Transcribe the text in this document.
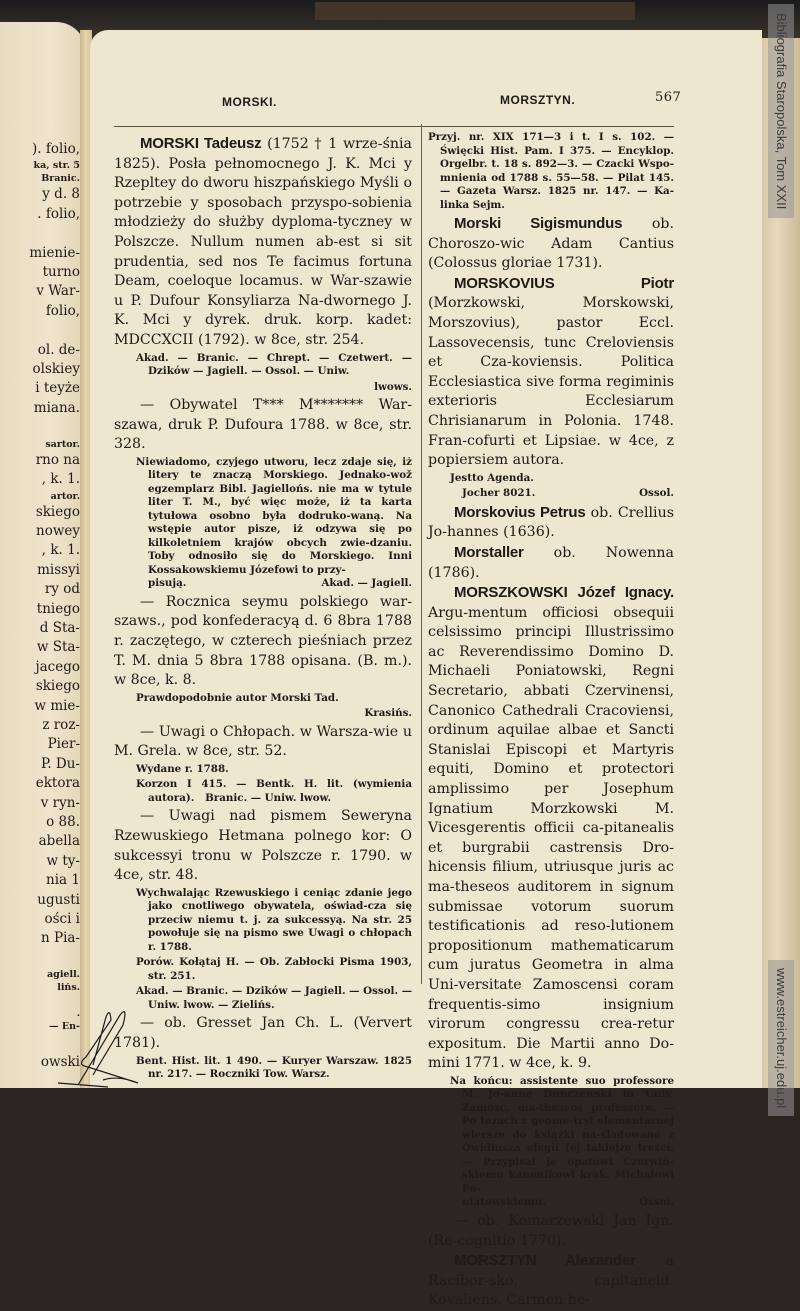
). folio,
ka, str. 5
Branic.
y d. 8
. folio,

mienie-
turno
v War-
folio,

ol. de-
olskiey
i teyże
miana.

sartor.
rno na
, k. 1.
artor.
skiego
nowey
, k. 1.
missyi
ry od
tniego
d Sta-
w Sta-
jacego
skiego
w mie-
z roz-
Pier-
P. Du-
ektora
v ryn-
o 88.
abella
w ty-
nia 1
ugusti
ości i
n Pia-

agiell.
lińs.

.
— En-

owski
Bibliografia Staropolska, Tom XXII
www.estreicher.uj.edu.pl
MORSKI.	MORSZTYN.	567

MORSKI Tadeusz (1752 † 1 wrze-śnia 1825). Posła pełnomocnego J. K. Mci y Rzepltey do dworu hiszpańskiego Myśli o potrzebie y sposobach przyspo-sobienia młodzieży do służby dyploma-tyczney w Polszcze. Nullum numen ab-est si sit prudentia, sed nos Te facimus fortuna Deam, coeloque locamus. w War-szawie u P. Dufour Konsyliarza Na-dwornego J. K. Mci y dyrek. druk. korp. kadet: MDCCXCII (1792). w 8ce, str. 254.

Akad. — Branic. — Chrept. — Czetwert. — Dzików — Jagiell. — Ossol. — Uniw.
lwows.

— Obywatel T*** M******* War-szawa, druk P. Dufoura 1788. w 8ce, str. 328.

Niewiadomo, czyjego utworu, lecz zdaje się, iż litery te znaczą Morskiego. Jednako-wož egzemplarz Bibl. Jagiellońs. nie ma w tytule liter T. M., być więc może, iż ta karta tytułowa osobno była dodruko-waną. Na wstępie autor pisze, iż odzywa się po kilkoletniem krajów obcych zwie-dzaniu. Toby odnosiło się do Morskiego. Inni Kossakowskiemu Józefowi to przy-
pisują.	Akad. — Jagiell.

— Rocznica seymu polskiego war-szaws., pod konfederacyą d. 6 8bra 1788 r. zaczętego, w czterech pieśniach przez T. M. dnia 5 8bra 1788 opisana. (B. m.). w 8ce, k. 8.

Prawdopodobnie autor Morski Tad.
Krasińs.

— Uwagi o Chłopach. w Warsza-wie u M. Grela. w 8ce, str. 52.

Wydane r. 1788.
Korzon I 415. — Bentk. H. lit. (wymienia autora). Branic. — Uniw. lwow.

— Uwagi nad pismem Seweryna Rzewuskiego Hetmana polnego kor: O sukcessyi tronu w Polszcze r. 1790. w 4ce, str. 48.

Wychwalając Rzewuskiego i ceniąc zdanie jego jako cnotliwego obywatela, oświad-cza się przeciw niemu t. j. za sukcessyą. Na str. 25 powołuje się na pismo swe Uwagi o chłopach r. 1788.
Porów. Kołątaj H. — Ob. Zabłocki Pisma 1903, str. 251.
Akad. — Branic. — Dzików — Jagiell. — Ossol. — Uniw. lwow. — Zielińs.

— ob. Gresset Jan Ch. L. (Ververt 1781).

Bent. Hist. lit. 1 490. — Kuryer Warszaw. 1825 nr. 217. — Roczniki Tow. Warsz.
Przyj. nr. XIX 171—3 i t. I s. 102. — Święcki Hist. Pam. I 375. — Encyklop. Orgelbr. t. 18 s. 892—3. — Czacki Wspo-mnienia od 1788 s. 55—58. — Pilat 145. — Gazeta Warsz. 1825 nr. 147. — Ka-linka Sejm.

Morski Sigismundus ob. Choroszo-wic Adam Cantius (Colossus gloriae 1731).

MORSKOVIUS Piotr (Morzkowski, Morskowski, Morszovius), pastor Eccl. Lassovecensis, tunc Creloviensis et Cza-koviensis. Politica Ecclesiastica sive forma regiminis exterioris Ecclesiarum Chrisianarum in Polonia. 1748. Fran-cofurti et Lipsiae. w 4ce, z popiersiem autora.

Jestto Agenda.
Jocher 8021.	Ossol.

Morskovius Petrus ob. Crellius Jo-hannes (1636).

Morstaller ob. Nowenna (1786).

MORSZKOWSKI Józef Ignacy. Argu-mentum officiosi obsequii celsissimo principi Illustrissimo ac Reverendissimo Domino D. Michaeli Poniatowski, Regni Secretario, abbati Czervinensi, Canonico Cathedrali Cracoviensi, ordinum aquilae albae et Sancti Stanislai Episcopi et Martyris equiti, Domino et protectori amplissimo per Josephum Ignatium Morzkowski M. Vicesgerentis officii ca-pitanealis et burgrabii castrensis Dro-hicensis filium, utriusque juris ac ma-theseos auditorem in signum submissae votorum suorum testificationis ad reso-lutionem propositionum mathematicarum cum juratus Geometra in alma Uni-versitate Zamoscensi coram frequentis-simo insignium virorum congressu crea-retur expositum. Die Martii anno Do-mini 1771. w 4ce, k. 9.

Na końcu: assistente suo professore M. Jo-anne Dunczewski in Univ. Zamosc. ma-theseos professore. — Po tezach z geome-tryi elementarnej wiersze do książki na-śladowane z Owidiusza elegii Iej takiejże treści. — Przypisał je opatowi Czerwiń-skiemu kanonikowi krak. Michałowi Po-
niatowskiemu.	Ossol.

— ob. Komarzewski Jan Ign. (Re-cognitio 1770).

MORSZTYN Alexander a Racibor-sko, capitaneid. Kovaliens. Carmen he-
